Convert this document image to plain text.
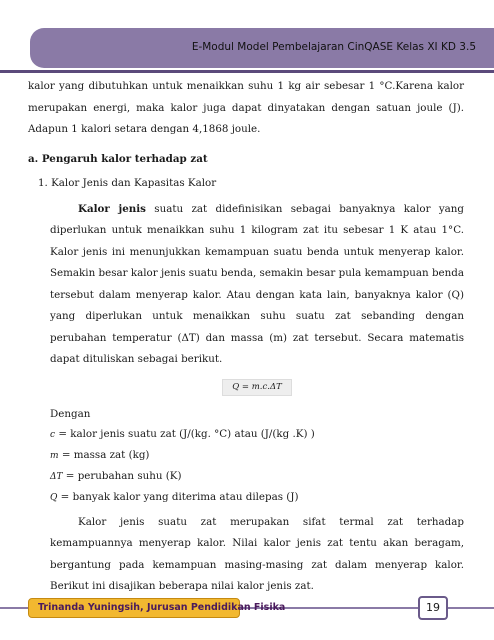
E-Modul Model Pembelajaran CinQASE Kelas XI KD 3.5

kalor yang dibutuhkan untuk menaikkan suhu 1 kg air sebesar 1 °C.Karena kalor merupakan energi, maka kalor juga dapat dinyatakan dengan satuan joule (J). Adapun 1 kalori setara dengan 4,1868 joule.

a. Pengaruh kalor terhadap zat

1. Kalor Jenis dan Kapasitas Kalor

Kalor jenis suatu zat didefinisikan sebagai banyaknya kalor yang diperlukan untuk menaikkan suhu 1 kilogram zat itu sebesar 1 K atau 1°C. Kalor jenis ini menunjukkan kemampuan suatu benda untuk menyerap kalor. Semakin besar kalor jenis suatu benda, semakin besar pula kemampuan benda tersebut dalam menyerap kalor. Atau dengan kata lain, banyaknya kalor (Q) yang diperlukan untuk menaikkan suhu suatu zat sebanding dengan perubahan temperatur (ΔT) dan massa (m) zat tersebut. Secara matematis dapat dituliskan sebagai berikut.

Q = m.c.ΔT

Dengan

c = kalor jenis suatu zat (J/(kg. °C) atau (J/(kg .K) )

m = massa zat (kg)

ΔT = perubahan suhu (K)

Q = banyak kalor yang diterima atau dilepas (J)

Kalor jenis suatu zat merupakan sifat termal zat terhadap kemampuannya menyerap kalor. Nilai kalor jenis zat tentu akan beragam, bergantung pada kemampuan masing-masing zat dalam menyerap kalor. Berikut ini disajikan beberapa nilai kalor jenis zat.

Trinanda Yuningsih, Jurusan Pendidikan Fisika	19
